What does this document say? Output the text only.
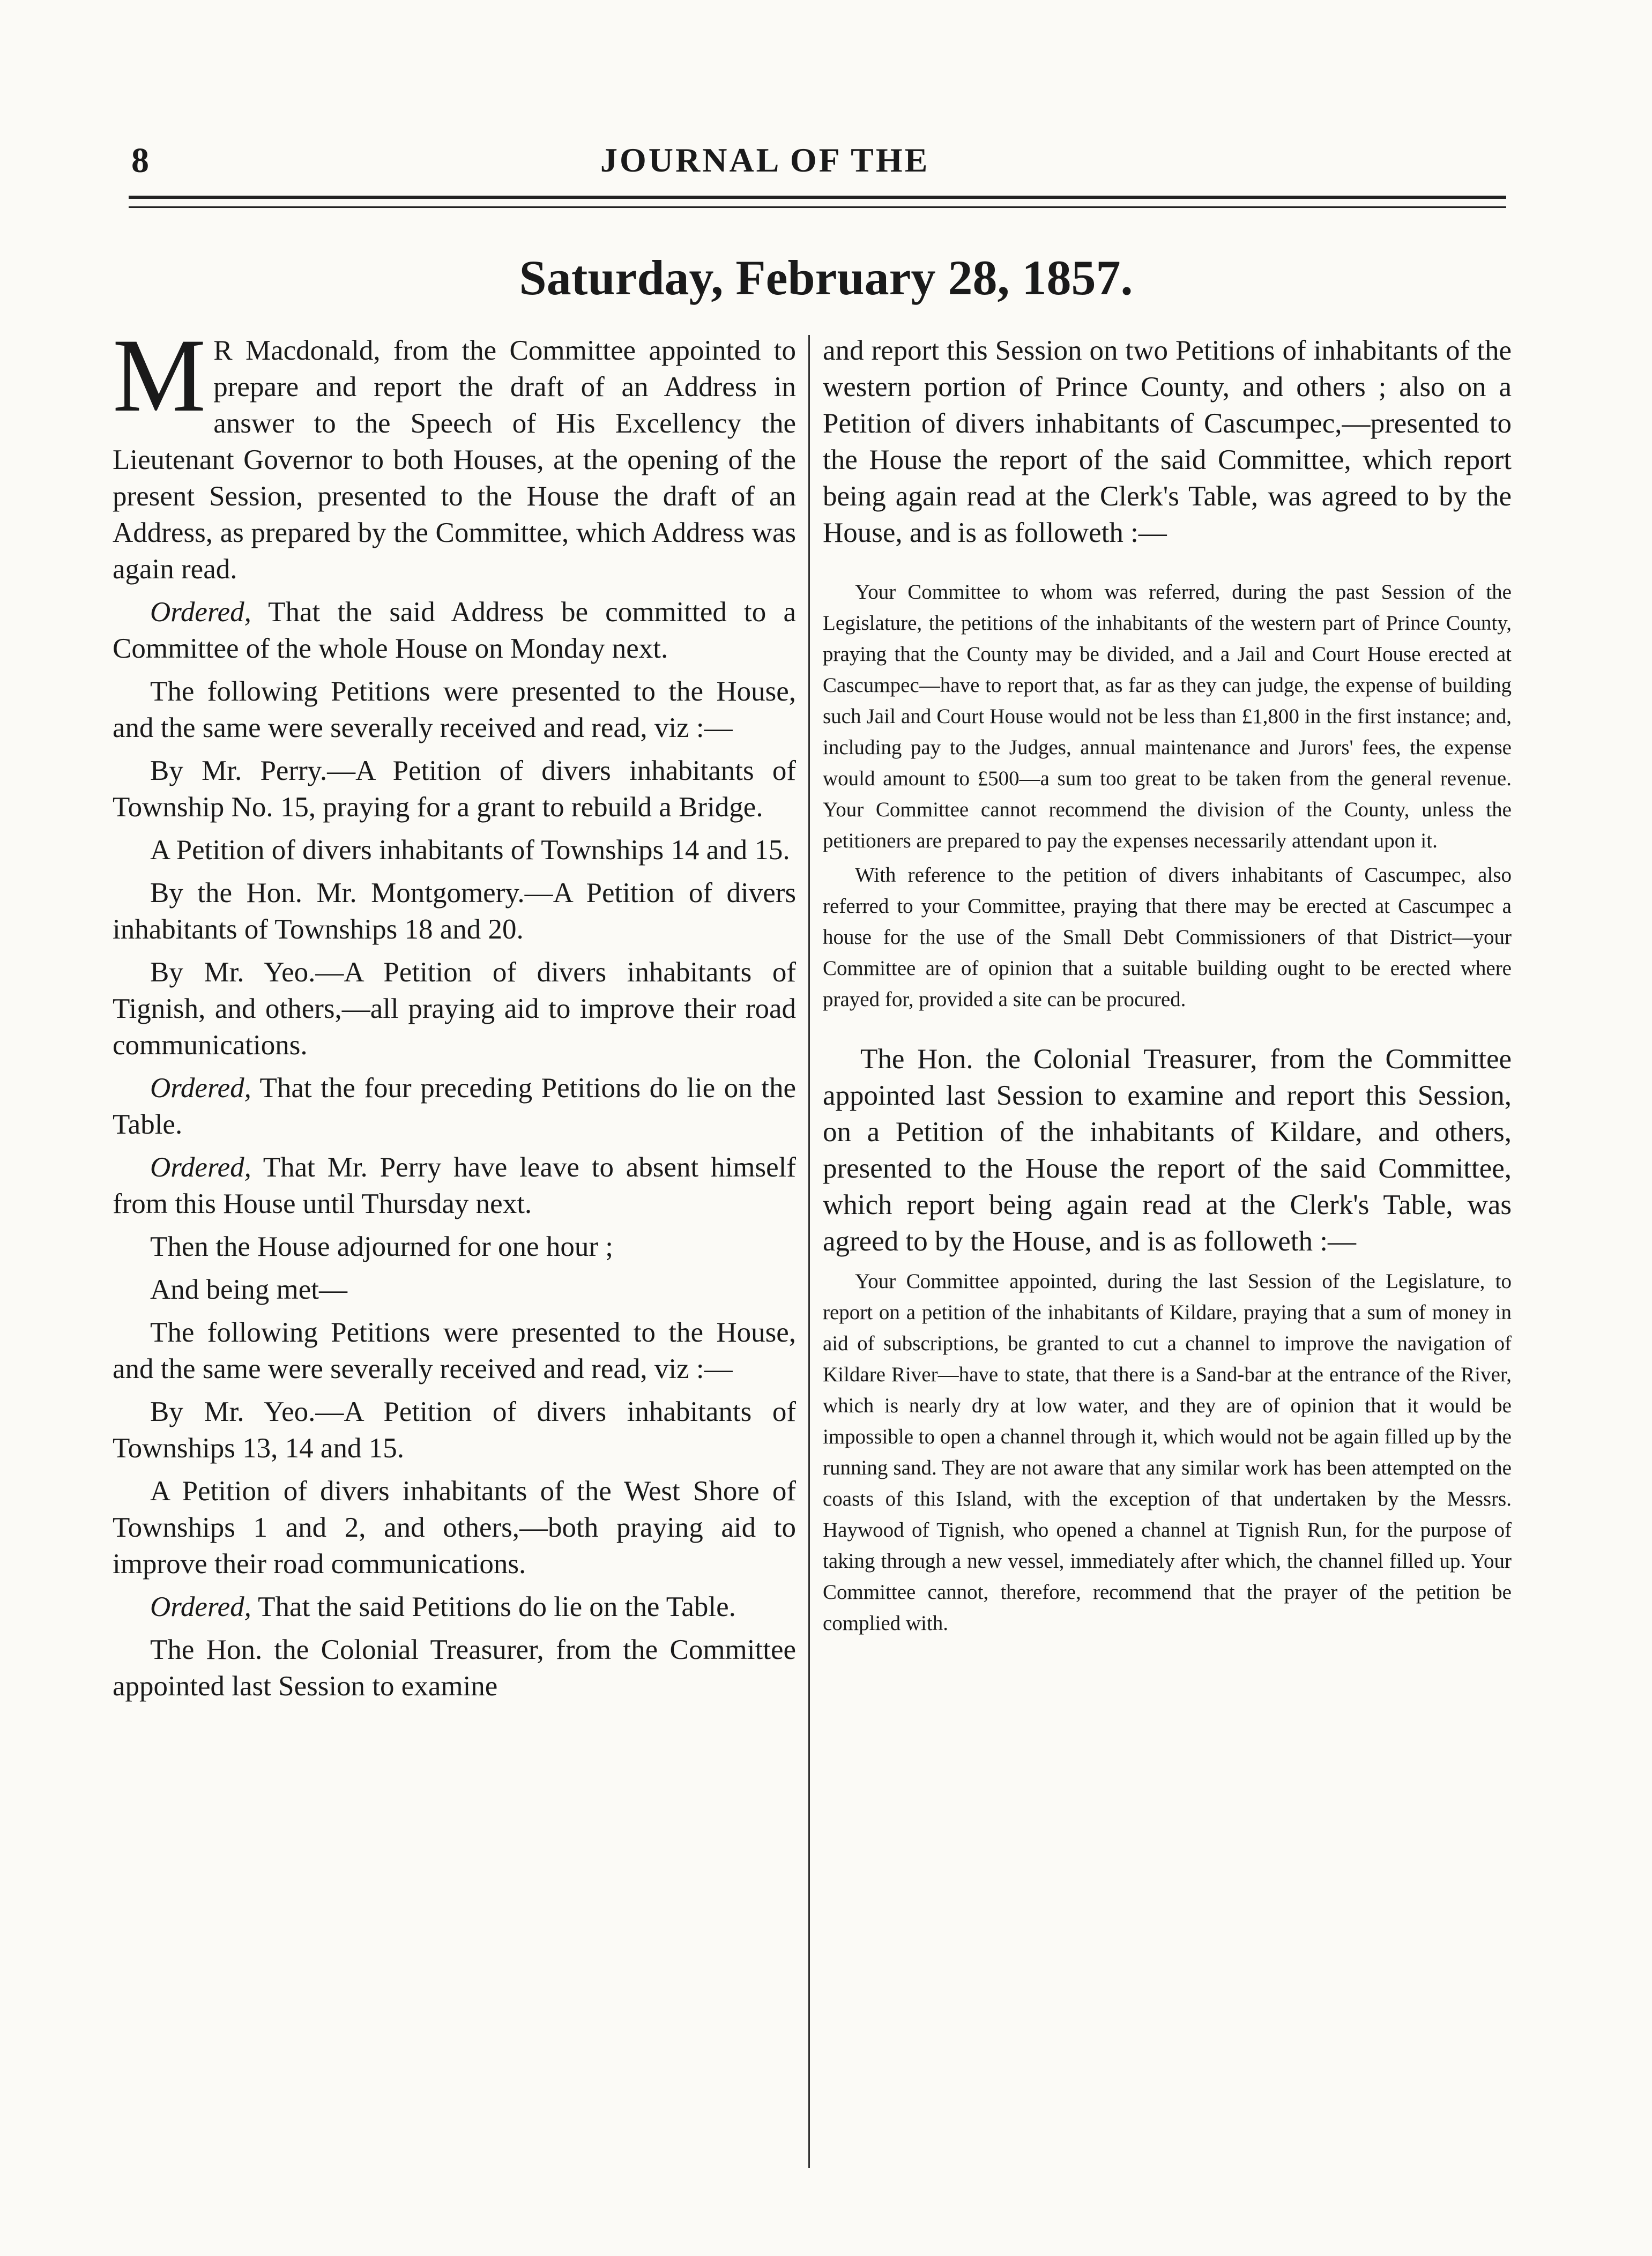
8	JOURNAL OF THE
Saturday, February 28, 1857.

M R Macdonald, from the Committee appointed to prepare and report the draft of an Address in answer to the Speech of His Excellency the Lieutenant Governor to both Houses, at the opening of the present Session, presented to the House the draft of an Address, as prepared by the Committee, which Address was again read.

Ordered, That the said Address be committed to a Committee of the whole House on Monday next.

The following Petitions were presented to the House, and the same were severally received and read, viz :—

By Mr. Perry.—A Petition of divers inhabitants of Township No. 15, praying for a grant to rebuild a Bridge.

A Petition of divers inhabitants of Townships 14 and 15.

By the Hon. Mr. Montgomery.—A Petition of divers inhabitants of Townships 18 and 20.

By Mr. Yeo.—A Petition of divers inhabitants of Tignish, and others,—all praying aid to improve their road communications.

Ordered, That the four preceding Petitions do lie on the Table.

Ordered, That Mr. Perry have leave to absent himself from this House until Thursday next.

Then the House adjourned for one hour ;

And being met—

The following Petitions were presented to the House, and the same were severally received and read, viz :—

By Mr. Yeo.—A Petition of divers inhabitants of Townships 13, 14 and 15.

A Petition of divers inhabitants of the West Shore of Townships 1 and 2, and others,—both praying aid to improve their road communications.

Ordered, That the said Petitions do lie on the Table.

The Hon. the Colonial Treasurer, from the Committee appointed last Session to examine

and report this Session on two Petitions of inhabitants of the western portion of Prince County, and others ; also on a Petition of divers inhabitants of Cascumpec,—presented to the House the report of the said Committee, which report being again read at the Clerk's Table, was agreed to by the House, and is as followeth :—

Your Committee to whom was referred, during the past Session of the Legislature, the petitions of the inhabitants of the western part of Prince County, praying that the County may be divided, and a Jail and Court House erected at Cascumpec—have to report that, as far as they can judge, the expense of building such Jail and Court House would not be less than £1,800 in the first instance; and, including pay to the Judges, annual maintenance and Jurors' fees, the expense would amount to £500—a sum too great to be taken from the general revenue. Your Committee cannot recommend the division of the County, unless the petitioners are prepared to pay the expenses necessarily attendant upon it.

With reference to the petition of divers inhabitants of Cascumpec, also referred to your Committee, praying that there may be erected at Cascumpec a house for the use of the Small Debt Commissioners of that District—your Committee are of opinion that a suitable building ought to be erected where prayed for, provided a site can be procured.

The Hon. the Colonial Treasurer, from the Committee appointed last Session to examine and report this Session, on a Petition of the inhabitants of Kildare, and others, presented to the House the report of the said Committee, which report being again read at the Clerk's Table, was agreed to by the House, and is as followeth :—

Your Committee appointed, during the last Session of the Legislature, to report on a petition of the inhabitants of Kildare, praying that a sum of money in aid of subscriptions, be granted to cut a channel to improve the navigation of Kildare River—have to state, that there is a Sand-bar at the entrance of the River, which is nearly dry at low water, and they are of opinion that it would be impossible to open a channel through it, which would not be again filled up by the running sand. They are not aware that any similar work has been attempted on the coasts of this Island, with the exception of that undertaken by the Messrs. Haywood of Tignish, who opened a channel at Tignish Run, for the purpose of taking through a new vessel, immediately after which, the channel filled up. Your Committee cannot, therefore, recommend that the prayer of the petition be complied with.
